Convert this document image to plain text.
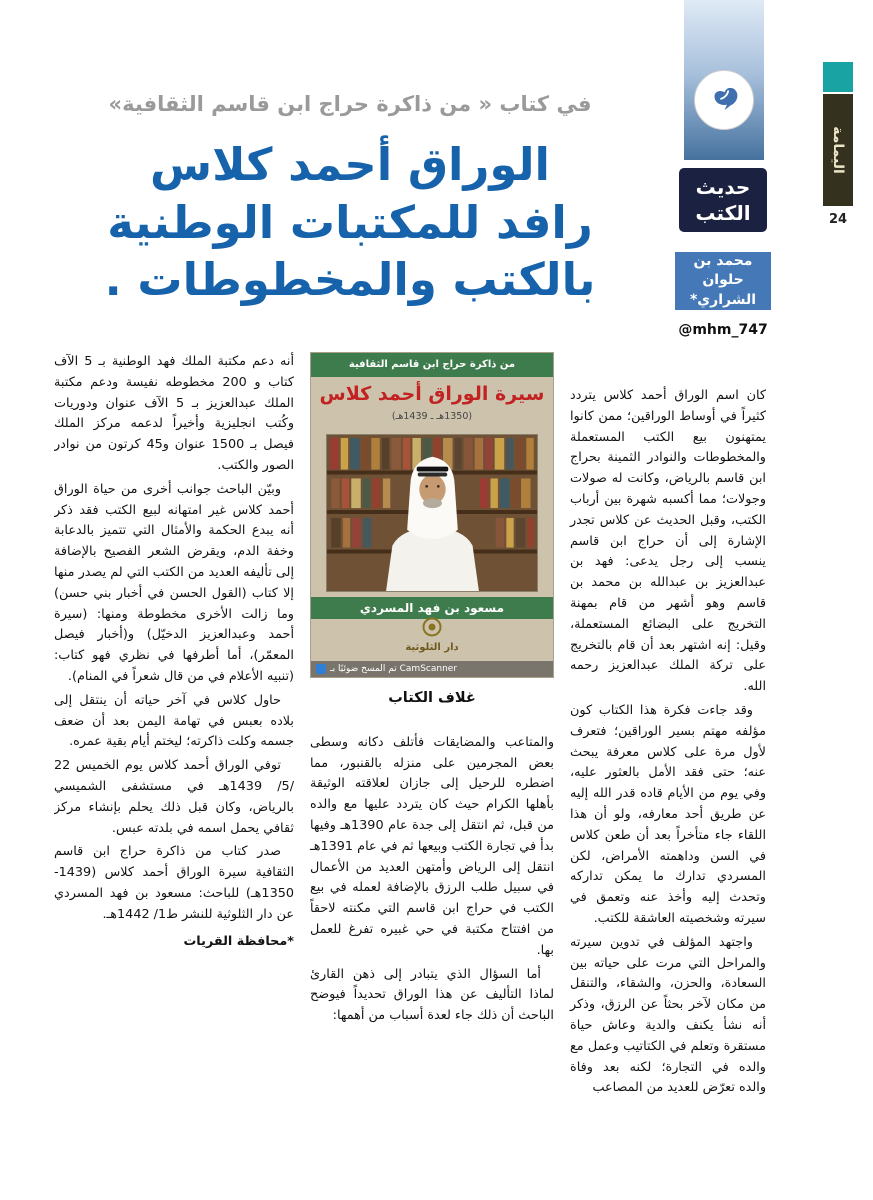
اليمامة
24
حديث الكتب
محمد بن حلوان الشراري*
@mhm_747
في كتاب « من ذاكرة حراج ابن قاسم الثقافية»
الوراق أحمد كلاس
رافد للمكتبات الوطنية
بالكتب والمخطوطات .

كان اسم الوراق أحمد كلاس يتردد كثيراً في أوساط الوراقين؛ ممن كانوا يمتهنون بيع الكتب المستعملة والمخطوطات والنوادر الثمينة بحراج ابن قاسم بالرياض، وكانت له صولات وجولات؛ مما أكسبه شهرة بين أرباب الكتب، وقبل الحديث عن كلاس تجدر الإشارة إلى أن حراج ابن قاسم ينسب إلى رجل يدعى: فهد بن عبدالعزيز بن عبدالله بن محمد بن قاسم وهو أشهر من قام بمهنة التخريج على البضائع المستعملة، وقيل: إنه اشتهر بعد أن قام بالتخريج على تركة الملك عبدالعزيز رحمه الله.

وقد جاءت فكرة هذا الكتاب كون مؤلفه مهتم بسير الوراقين؛ فتعرف لأول مرة على كلاس معرفة يبحث عنه؛ حتى فقد الأمل بالعثور عليه، وفي يوم من الأيام قاده قدر الله إليه عن طريق أحد معارفه، ولو أن هذا اللقاء جاء متأخراً بعد أن طعن كلاس في السن وداهمته الأمراض، لكن المسردي تدارك ما يمكن تداركه وتحدث إليه وأخذ عنه وتعمق في سيرته وشخصيته العاشقة للكتب.

واجتهد المؤلف في تدوين سيرته والمراحل التي مرت على حياته بين السعادة، والحزن، والشقاء، والتنقل من مكان لآخر بحثاً عن الرزق، وذكر أنه نشأ يكنف والدية وعاش حياة مستقرة وتعلم في الكتاتيب وعمل مع والده في التجارة؛ لكنه بعد وفاة والده تعرّض للعديد من المصاعب

من ذاكرة حراج ابن قاسم الثقافية
سيرة الوراق أحمد كلاس
(1350هـ ـ 1439هـ)
مسعود بن فهد المسردي
دار الثلوثية
تم المسح ضوئيًا بـ CamScanner
غلاف الكتاب

والمتاعب والمضايقات فأتلف دكانه وسطى بعض المجرمين على منزله بالقنبور، مما اضطره للرحيل إلى جازان لعلاقته الوثيقة بأهلها الكرام حيث كان يتردد عليها مع والده من قبل، ثم انتقل إلى جدة عام 1390هـ وفيها بدأ في تجارة الكتب وبيعها ثم في عام 1391هـ انتقل إلى الرياض وأمتهن العديد من الأعمال في سبيل طلب الرزق بالإضافة لعمله في بيع الكتب في حراج ابن قاسم التي مكنته لاحقاً من افتتاح مكتبة في حي غبيره تفرغ للعمل بها.

أما السؤال الذي يتبادر إلى ذهن القارئ لماذا التأليف عن هذا الوراق تحديداً فيوضح الباحث أن ذلك جاء لعدة أسباب من أهمها:

أنه دعم مكتبة الملك فهد الوطنية بـ 5 الآف كتاب و 200 مخطوطه نفيسة ودعم مكتبة الملك عبدالعزيز بـ 5 الآف عنوان ودوريات وكُتب انجليزية وأخيراً لدعمه مركز الملك فيصل بـ 1500 عنوان و45 كرتون من نوادر الصور والكتب.

وبيّن الباحث جوانب أخرى من حياة الوراق أحمد كلاس غير امتهانه لبيع الكتب فقد ذكر أنه يبدع الحكمة والأمثال التي تتميز بالدعابة وخفة الدم، ويقرض الشعر الفصيح بالإضافة إلى تأليفه العديد من الكتب التي لم يصدر منها إلا كتاب (القول الحسن في أخبار بني حسن) وما زالت الأخرى مخطوطة ومنها: (سيرة أحمد وعبدالعزيز الدخيّل) و(أخبار فيصل المعمّر)، أما أطرفها في نظري فهو كتاب: (تنبيه الأعلام في من قال شعراً في المنام).

حاول كلاس في آخر حياته أن ينتقل إلى بلاده بعبس في تهامة اليمن بعد أن ضعف جسمه وكلت ذاكرته؛ ليختم أيام بقية عمره.

توفي الوراق أحمد كلاس يوم الخميس 22 /5/ 1439هـ في مستشفى الشميسي بالرياض، وكان قبل ذلك يحلم بإنشاء مركز ثقافي يحمل اسمه في بلدته عبس.

صدر كتاب من ذاكرة حراج ابن قاسم الثقافية سيرة الوراق أحمد كلاس (1439-1350هـ) للباحث: مسعود بن فهد المسردي عن دار الثلوثية للنشر ط1/ 1442هـ.

*محافظة القريات
